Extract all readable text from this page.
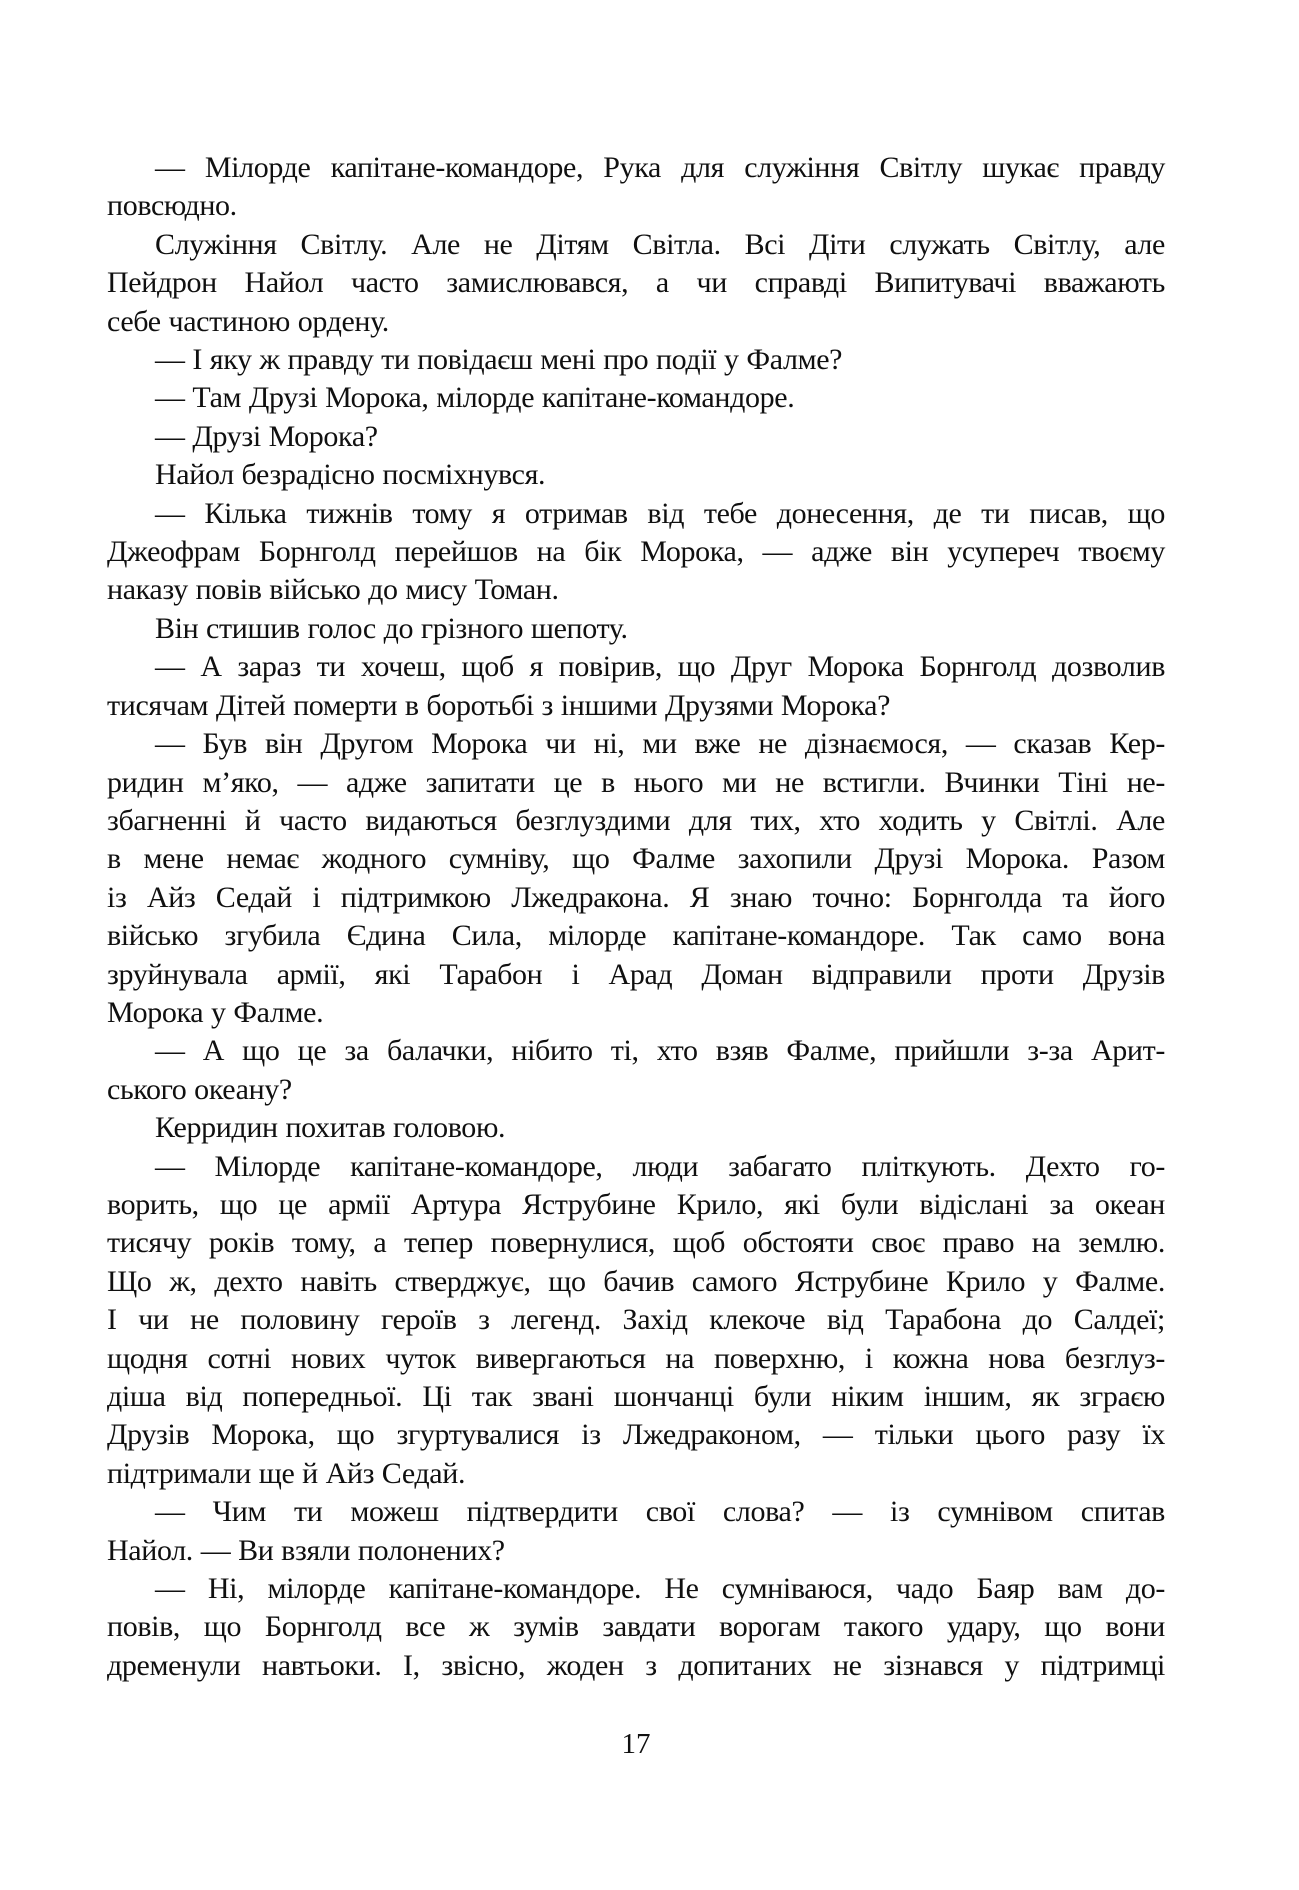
— Мілорде капітане-командоре, Рука для служіння Світлу шукає правду
повсюдно.
Служіння Світлу. Але не Дітям Світла. Всі Діти служать Світлу, але
Пейдрон Найол часто замислювався, а чи справді Випитувачі вважають
себе частиною ордену.
— І яку ж правду ти повідаєш мені про події у Фалме?
— Там Друзі Морока, мілорде капітане-командоре.
— Друзі Морока?
Найол безрадісно посміхнувся.
— Кілька тижнів тому я отримав від тебе донесення, де ти писав, що
Джеофрам Борнголд перейшов на бік Морока, — адже він усупереч твоєму
наказу повів військо до мису Томан.
Він стишив голос до грізного шепоту.
— А зараз ти хочеш, щоб я повірив, що Друг Морока Борнголд дозволив
тисячам Дітей померти в боротьбі з іншими Друзями Морока?
— Був він Другом Морока чи ні, ми вже не дізнаємося, — сказав Кер-
ридин м’яко, — адже запитати це в нього ми не встигли. Вчинки Тіні не-
збагненні й часто видаються безглуздими для тих, хто ходить у Світлі. Але
в мене немає жодного сумніву, що Фалме захопили Друзі Морока. Разом
із Айз Седай і підтримкою Лжедракона. Я знаю точно: Борнголда та його
військо згубила Єдина Сила, мілорде капітане-командоре. Так само вона
зруйнувала армії, які Тарабон і Арад Доман відправили проти Друзів
Морока у Фалме.
— А що це за балачки, нібито ті, хто взяв Фалме, прийшли з-за Арит-
ського океану?
Керридин похитав головою.
— Мілорде капітане-командоре, люди забагато пліткують. Дехто го-
ворить, що це армії Артура Яструбине Крило, які були відіслані за океан
тисячу років тому, а тепер повернулися, щоб обстояти своє право на землю.
Що ж, дехто навіть стверджує, що бачив самого Яструбине Крило у Фалме.
І чи не половину героїв з легенд. Захід клекоче від Тарабона до Салдеї;
щодня сотні нових чуток вивергаються на поверхню, і кожна нова безглуз-
діша від попередньої. Ці так звані шончанці були ніким іншим, як зграєю
Друзів Морока, що згуртувалися із Лжедраконом, — тільки цього разу їх
підтримали ще й Айз Седай.
— Чим ти можеш підтвердити свої слова? — із сумнівом спитав
Найол. — Ви взяли полонених?
— Ні, мілорде капітане-командоре. Не сумніваюся, чадо Баяр вам до-
повів, що Борнголд все ж зумів завдати ворогам такого удару, що вони
дременули навтьоки. І, звісно, жоден з допитаних не зізнався у підтримці
17
